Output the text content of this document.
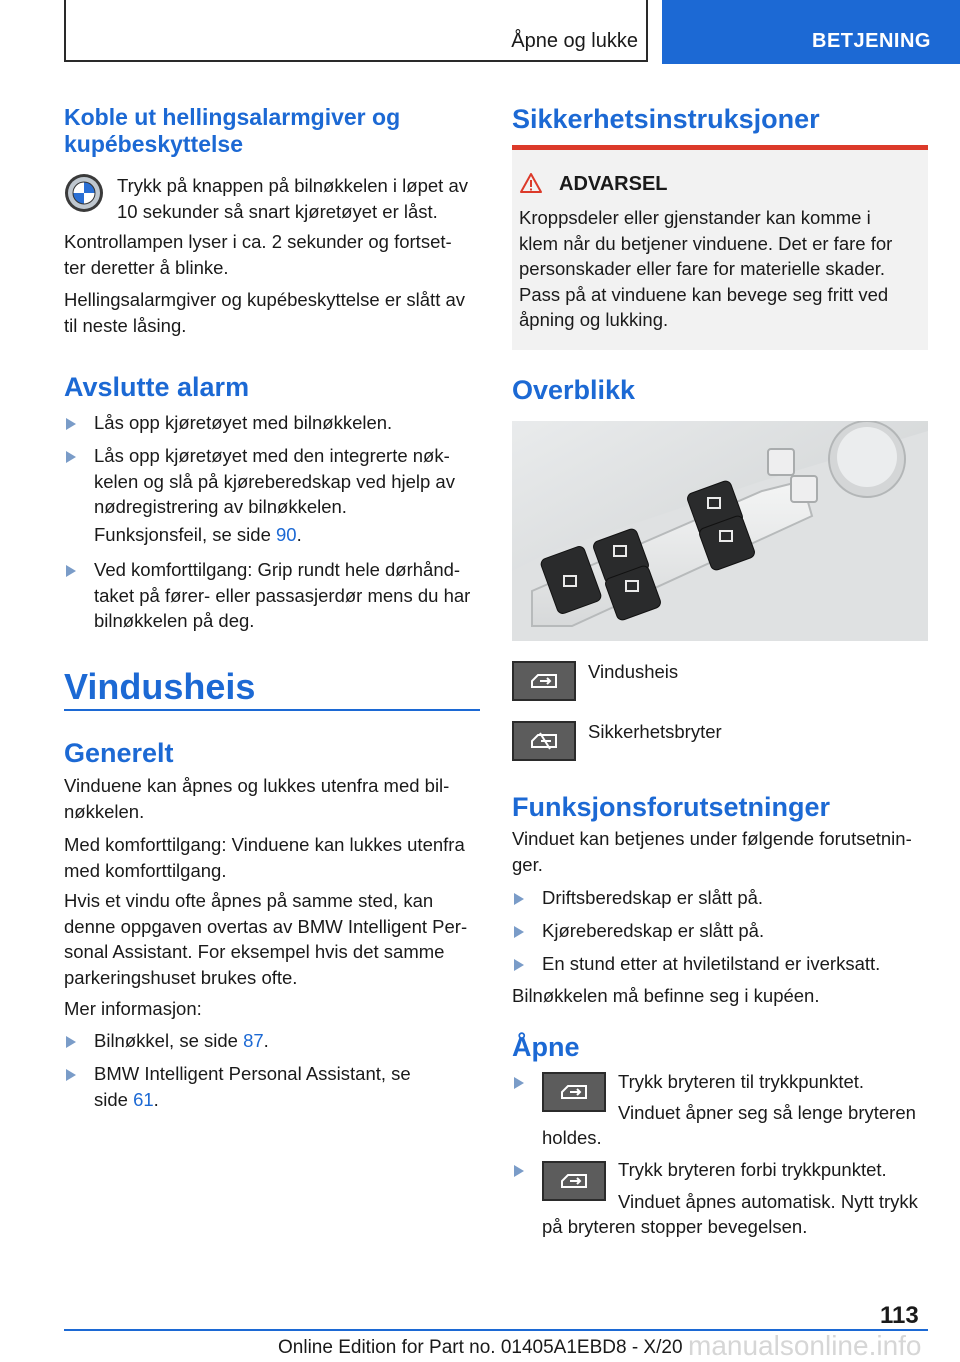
Åpne og lukke	BETJENING
Koble ut hellingsalarmgiver og
kupébeskyttelse
Trykk på knappen på bilnøkkelen i løpet av
10 sekunder så snart kjøretøyet er låst.
Kontrollampen lyser i ca. 2 sekunder og fortset‐
ter deretter å blinke.
Hellingsalarmgiver og kupébeskyttelse er slått av
til neste låsing.
Avslutte alarm
Lås opp kjøretøyet med bilnøkkelen.
Lås opp kjøretøyet med den integrerte nøk‐
kelen og slå på kjøreberedskap ved hjelp av
nødregistrering av bilnøkkelen.
Funksjonsfeil, se side 90.
Ved komforttilgang: Grip rundt hele dørhånd‐
taket på fører- eller passasjerdør mens du har
bilnøkkelen på deg.
Vindusheis
Generelt
Vinduene kan åpnes og lukkes utenfra med bil‐
nøkkelen.
Med komforttilgang: Vinduene kan lukkes utenfra
med komforttilgang.
Hvis et vindu ofte åpnes på samme sted, kan
denne oppgaven overtas av BMW Intelligent Per‐
sonal Assistant. For eksempel hvis det samme
parkeringshuset brukes ofte.
Mer informasjon:
Bilnøkkel, se side 87.
BMW Intelligent Personal Assistant, se
side 61.
Sikkerhetsinstruksjoner
ADVARSEL
Kroppsdeler eller gjenstander kan komme i
klem når du betjener vinduene. Det er fare for
personskader eller fare for materielle skader.
Pass på at vinduene kan bevege seg fritt ved
åpning og lukking.
Overblikk
Vindusheis
Sikkerhetsbryter
Funksjonsforutsetninger
Vinduet kan betjenes under følgende forutsetnin‐
ger.
Driftsberedskap er slått på.
Kjøreberedskap er slått på.
En stund etter at hviletilstand er iverksatt.
Bilnøkkelen må befinne seg i kupéen.
Åpne
Trykk bryteren til trykkpunktet.
Vinduet åpner seg så lenge bryteren
holdes.
Trykk bryteren forbi trykkpunktet.
Vinduet åpnes automatisk. Nytt trykk
på bryteren stopper bevegelsen.
113
Online Edition for Part no. 01405A1EBD8 - X/20 manualsonline.info
